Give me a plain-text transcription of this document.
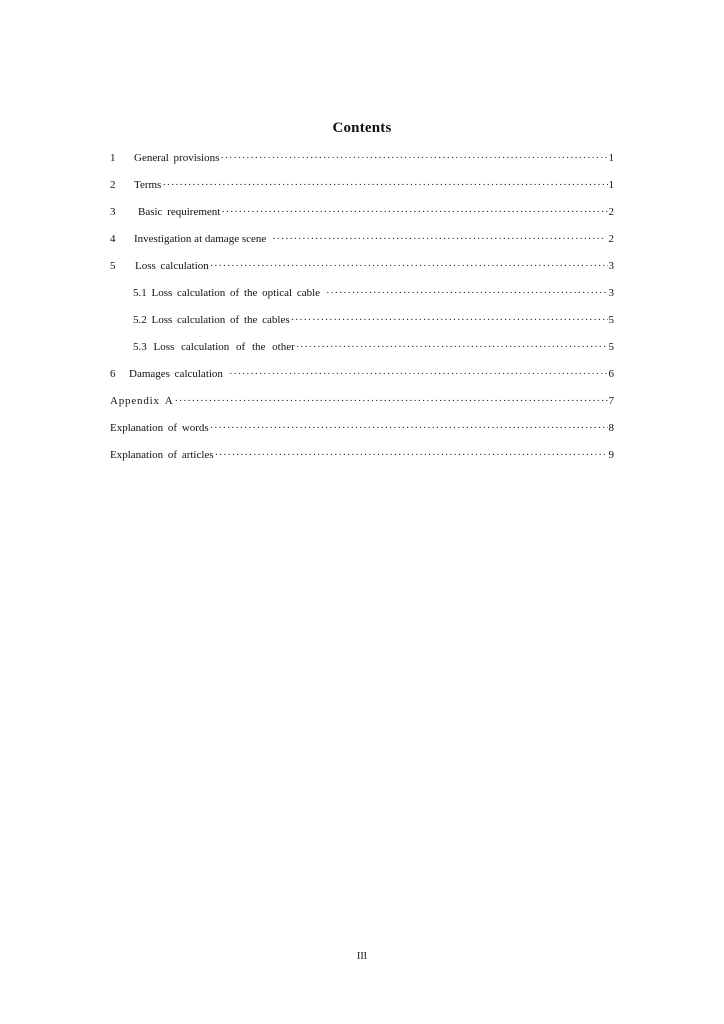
Contents
1	General provisions ·····	1
2	Terms ·····	1
3	Basic requirement ·····	2
4	Investigation at damage scene ·····	2
5	Loss calculation ·····	3
5.1 Loss calculation of the optical cable ·····	3
5.2 Loss calculation of the cables ·····	5
5.3 Loss calculation of the other ·····	5
6	Damages calculation ·····	6
Appendix A ·····	7
Explanation of words ·····	8
Explanation of articles ·····	9
III
